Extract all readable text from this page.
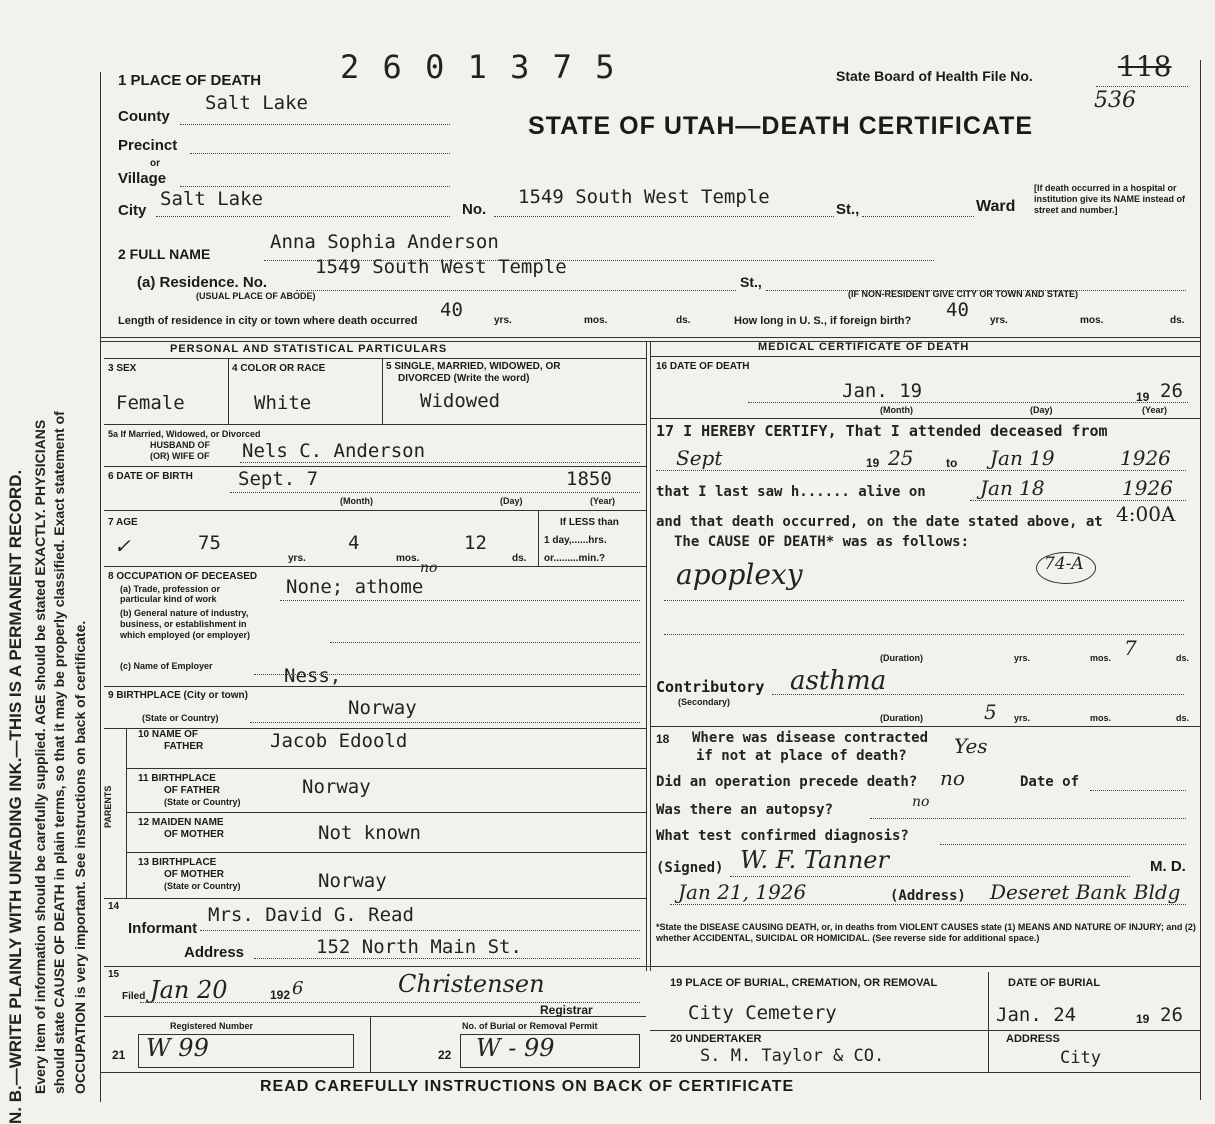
N. B.—WRITE PLAINLY WITH UNFADING INK.—THIS IS A PERMANENT RECORD. Every item of information should be carefully supplied. AGE should be stated EXACTLY. PHYSICIANS should state CAUSE OF DEATH in plain terms, so that it may be properly classified. Exact statement of OCCUPATION is very important. See instructions on back of certificate.
1 PLACE OF DEATH 2 6 0 1 3 7 5	State Board of Health File No.	118
536
STATE OF UTAH—DEATH CERTIFICATE
County
Salt Lake
Precinct
or
Village
City
Salt Lake	No.
1549 South West Temple
St.,	Ward
[If death occurred in a hospital or institution give its NAME instead of street and number.]
2 FULL NAME
Anna Sophia Anderson
(a) Residence. No.
1549 South West Temple
St.,
(USUAL PLACE OF ABODE)	(IF NON-RESIDENT GIVE CITY OR TOWN AND STATE)
Length of residence in city or town where death occurred 40	yrs.	mos.	ds.	How long in U. S., if foreign birth? 40 yrs.	mos.	ds.
PERSONAL AND STATISTICAL PARTICULARS
3 SEX
Female
4 COLOR OR RACE
White
5 SINGLE, MARRIED, WIDOWED, OR
DIVORCED (Write the word)
Widowed
5a If Married, Widowed, or Divorced
HUSBAND OF
(OR) WIFE OF Nels C. Anderson
6 DATE OF BIRTH Sept. 7	1850
(Month)	(Day)	(Year)
7 AGE
✓	75
yrs.
4
mos.
12
ds.
If LESS than
1 day,......hrs.
or.........min.?
8 OCCUPATION OF DECEASED
(a) Trade, profession or
particular kind of work
(b) General nature of industry,
business, or establishment in
which employed (or employer)
None; athome
no
(c) Name of Employer	Ness,
9 BIRTHPLACE (City or town)
(State or Country)	Norway
PARENTS
10 NAME OF
FATHER	Jacob Edoold
11 BIRTHPLACE
OF FATHER
(State or Country)
Norway
12 MAIDEN NAME
OF MOTHER	Not known
13 BIRTHPLACE
OF MOTHER
(State or Country)	Norway
14
Informant
Mrs. David G. Read
Address	152 North Main St.
15
Filed Jan 20	192 6	Christensen
Registrar
Registered Number
21 W 99
No. of Burial or Removal Permit
22 W - 99
MEDICAL CERTIFICATE OF DEATH
16 DATE OF DEATH
Jan. 19	19 26
(Month)	(Day)	(Year)
17 I HEREBY CERTIFY, That I attended deceased from
Sept	19 25	to Jan 19	1926
that I last saw h...... alive on	Jan 18	1926
and that death occurred, on the date stated above, at 4:00A
The CAUSE OF DEATH* was as follows:
apoplexy	74-A
(Duration)	yrs.	mos. 7	ds.
Contributory
(Secondary)
asthma
(Duration)	5 yrs.	mos.	ds.
18 Where was disease contracted
if not at place of death? Yes
Did an operation precede death? no	Date of
Was there an autopsy?	no
What test confirmed diagnosis?
(Signed) W. F. Tanner	M. D.
Jan 21, 1926	(Address) Deseret Bank Bldg
*State the DISEASE CAUSING DEATH, or, in deaths from VIOLENT CAUSES state (1) MEANS AND NATURE OF INJURY; and (2) whether ACCIDENTAL, SUICIDAL OR HOMICIDAL. (See reverse side for additional space.)
19 PLACE OF BURIAL, CREMATION, OR REMOVAL
City Cemetery
DATE OF BURIAL
Jan. 24	19 26
20 UNDERTAKER
S. M. Taylor & CO.
ADDRESS
City
READ CAREFULLY INSTRUCTIONS ON BACK OF CERTIFICATE
